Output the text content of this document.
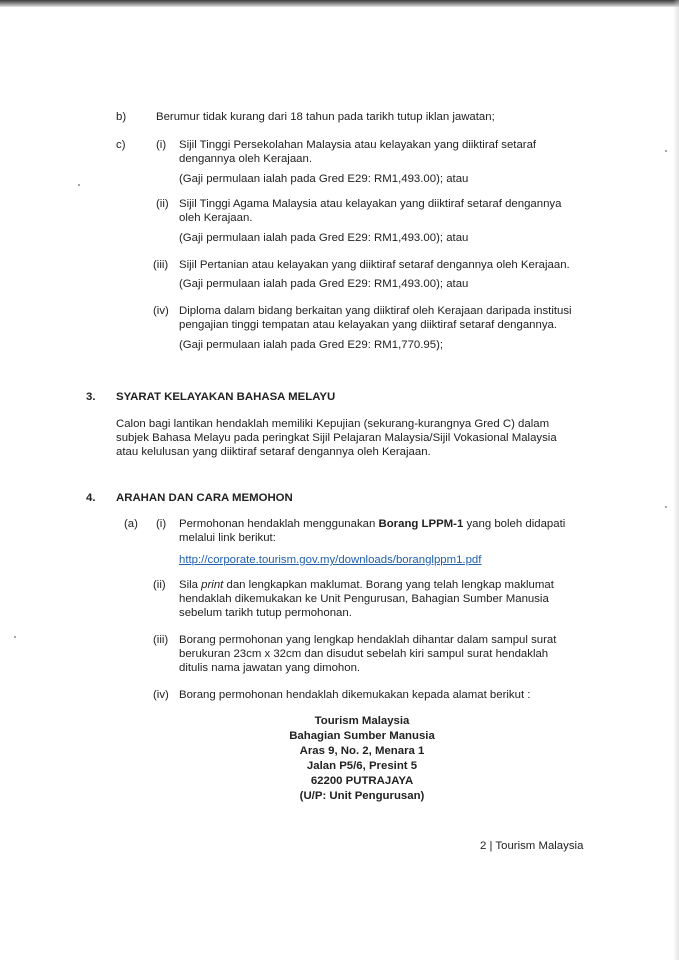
b)	Berumur tidak kurang dari 18 tahun pada tarikh tutup iklan jawatan;
c)	(i) Sijil Tinggi Persekolahan Malaysia atau kelayakan yang diiktiraf setaraf
dengannya oleh Kerajaan.
(Gaji permulaan ialah pada Gred E29: RM1,493.00); atau
(ii) Sijil Tinggi Agama Malaysia atau kelayakan yang diiktiraf setaraf dengannya
oleh Kerajaan.
(Gaji permulaan ialah pada Gred E29: RM1,493.00); atau
(iii) Sijil Pertanian atau kelayakan yang diiktiraf setaraf dengannya oleh Kerajaan.
(Gaji permulaan ialah pada Gred E29: RM1,493.00); atau
(iv) Diploma dalam bidang berkaitan yang diiktiraf oleh Kerajaan daripada institusi
pengajian tinggi tempatan atau kelayakan yang diiktiraf setaraf dengannya.
(Gaji permulaan ialah pada Gred E29: RM1,770.95);
3. SYARAT KELAYAKAN BAHASA MELAYU
Calon bagi lantikan hendaklah memiliki Kepujian (sekurang-kurangnya Gred C) dalam
subjek Bahasa Melayu pada peringkat Sijil Pelajaran Malaysia/Sijil Vokasional Malaysia
atau kelulusan yang diiktiraf setaraf dengannya oleh Kerajaan.
4. ARAHAN DAN CARA MEMOHON
(a) (i) Permohonan hendaklah menggunakan Borang LPPM-1 yang boleh didapati
melalui link berikut:
http://corporate.tourism.gov.my/downloads/boranglppm1.pdf
(ii) Sila print dan lengkapkan maklumat. Borang yang telah lengkap maklumat
hendaklah dikemukakan ke Unit Pengurusan, Bahagian Sumber Manusia
sebelum tarikh tutup permohonan.
(iii) Borang permohonan yang lengkap hendaklah dihantar dalam sampul surat
berukuran 23cm x 32cm dan disudut sebelah kiri sampul surat hendaklah
ditulis nama jawatan yang dimohon.
(iv) Borang permohonan hendaklah dikemukakan kepada alamat berikut :
Tourism Malaysia
Bahagian Sumber Manusia
Aras 9, No. 2, Menara 1
Jalan P5/6, Presint 5
62200 PUTRAJAYA
(U/P: Unit Pengurusan)
2 | Tourism Malaysia
